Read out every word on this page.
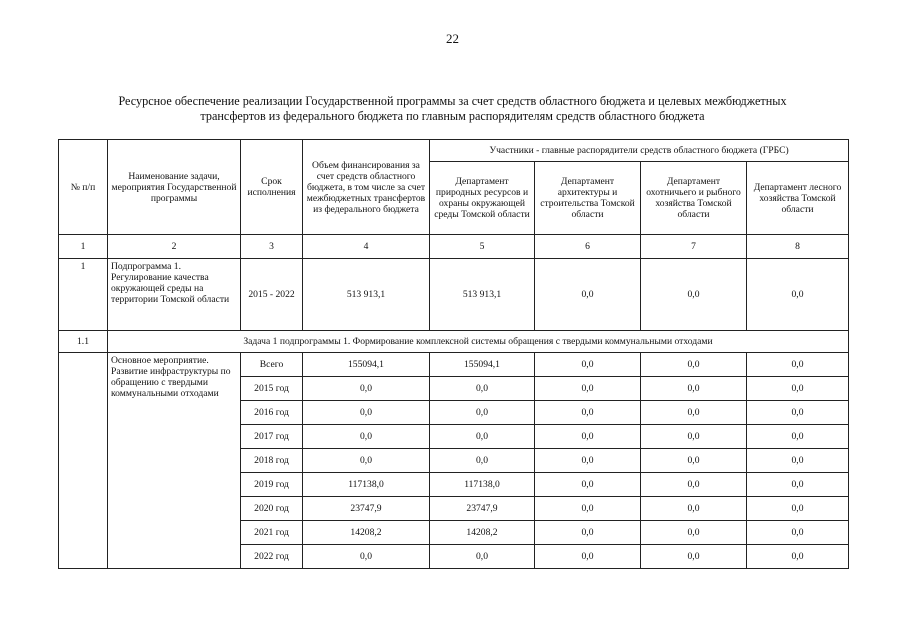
22
Ресурсное обеспечение реализации Государственной программы за счет средств областного бюджета и целевых межбюджетных
трансфертов из федерального бюджета по главным распорядителям средств областного бюджета
№ п/п	Наименование задачи, мероприятия Государственной программы	Срок исполнения	Объем финансирования за счет средств областного бюджета, в том числе за счет межбюджетных трансфертов из федерального бюджета	Участники - главные распорядители средств областного бюджета (ГРБС)			
				Департамент природных ресурсов и охраны окружающей среды Томской области	Департамент архитектуры и строительства Томской области	Департамент охотничьего и рыбного хозяйства Томской области	Департамент лесного хозяйства Томской области
1	2	3	4	5	6	7	8
1	Подпрограмма 1. Регулирование качества окружающей среды на территории Томской области	2015 - 2022	513 913,1	513 913,1	0,0	0,0	0,0
1.1	Задача 1 подпрограммы 1. Формирование комплексной системы обращения с твердыми коммунальными отходами						
	Основное мероприятие. Развитие инфраструктуры по обращению с твердыми коммунальными отходами	Всего	155094,1	155094,1	0,0	0,0	0,0
		2015 год	0,0	0,0	0,0	0,0	0,0
		2016 год	0,0	0,0	0,0	0,0	0,0
		2017 год	0,0	0,0	0,0	0,0	0,0
		2018 год	0,0	0,0	0,0	0,0	0,0
		2019 год	117138,0	117138,0	0,0	0,0	0,0
		2020 год	23747,9	23747,9	0,0	0,0	0,0
		2021 год	14208,2	14208,2	0,0	0,0	0,0
		2022 год	0,0	0,0	0,0	0,0	0,0
